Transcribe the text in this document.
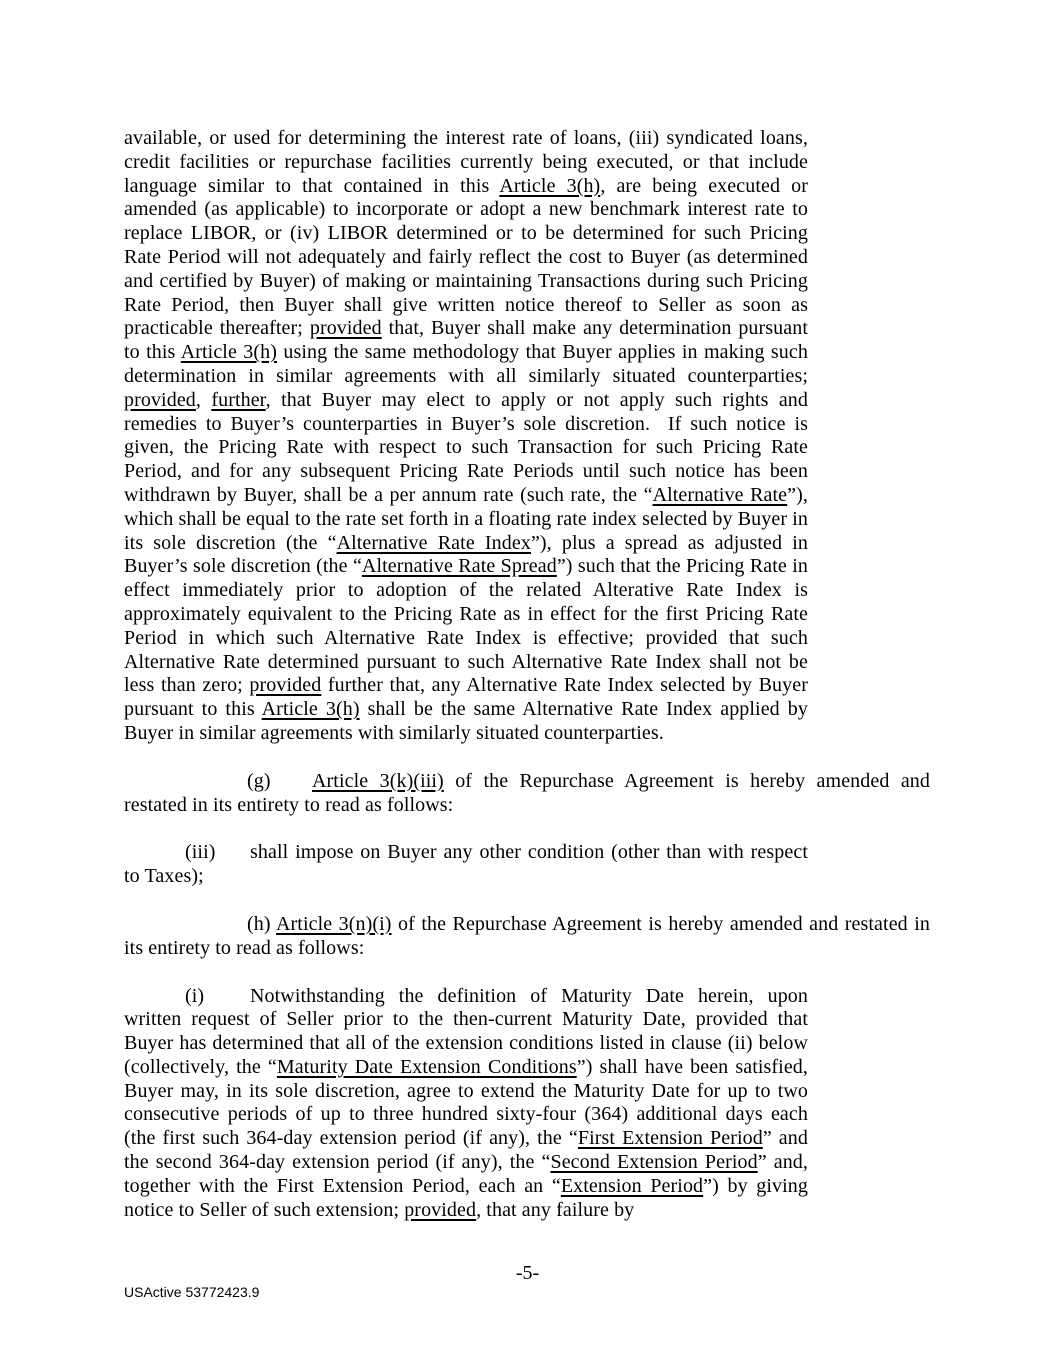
available, or used for determining the interest rate of loans, (iii) syndicated loans, credit facilities or repurchase facilities currently being executed, or that include language similar to that contained in this Article 3(h), are being executed or amended (as applicable) to incorporate or adopt a new benchmark interest rate to replace LIBOR, or (iv) LIBOR determined or to be determined for such Pricing Rate Period will not adequately and fairly reflect the cost to Buyer (as determined and certified by Buyer) of making or maintaining Transactions during such Pricing Rate Period, then Buyer shall give written notice thereof to Seller as soon as practicable thereafter; provided that, Buyer shall make any determination pursuant to this Article 3(h) using the same methodology that Buyer applies in making such determination in similar agreements with all similarly situated counterparties; provided, further, that Buyer may elect to apply or not apply such rights and remedies to Buyer’s counterparties in Buyer’s sole discretion.  If such notice is given, the Pricing Rate with respect to such Transaction for such Pricing Rate Period, and for any subsequent Pricing Rate Periods until such notice has been withdrawn by Buyer, shall be a per annum rate (such rate, the “Alternative Rate”), which shall be equal to the rate set forth in a floating rate index selected by Buyer in its sole discretion (the “Alternative Rate Index”), plus a spread as adjusted in Buyer’s sole discretion (the “Alternative Rate Spread”) such that the Pricing Rate in effect immediately prior to adoption of the related Alterative Rate Index is approximately equivalent to the Pricing Rate as in effect for the first Pricing Rate Period in which such Alternative Rate Index is effective; provided that such Alternative Rate determined pursuant to such Alternative Rate Index shall not be less than zero; provided further that, any Alternative Rate Index selected by Buyer pursuant to this Article 3(h) shall be the same Alternative Rate Index applied by Buyer in similar agreements with similarly situated counterparties.

(g) Article 3(k)(iii) of the Repurchase Agreement is hereby amended and restated in its entirety to read as follows:

(iii) shall impose on Buyer any other condition (other than with respect to Taxes);

(h) Article 3(n)(i) of the Repurchase Agreement is hereby amended and restated in its entirety to read as follows:

(i) Notwithstanding the definition of Maturity Date herein, upon written request of Seller prior to the then-current Maturity Date, provided that Buyer has determined that all of the extension conditions listed in clause (ii) below (collectively, the “Maturity Date Extension Conditions”) shall have been satisfied, Buyer may, in its sole discretion, agree to extend the Maturity Date for up to two consecutive periods of up to three hundred sixty-four (364) additional days each (the first such 364-day extension period (if any), the “First Extension Period” and the second 364-day extension period (if any), the “Second Extension Period” and, together with the First Extension Period, each an “Extension Period”) by giving notice to Seller of such extension; provided, that any failure by

-5-
USActive 53772423.9
